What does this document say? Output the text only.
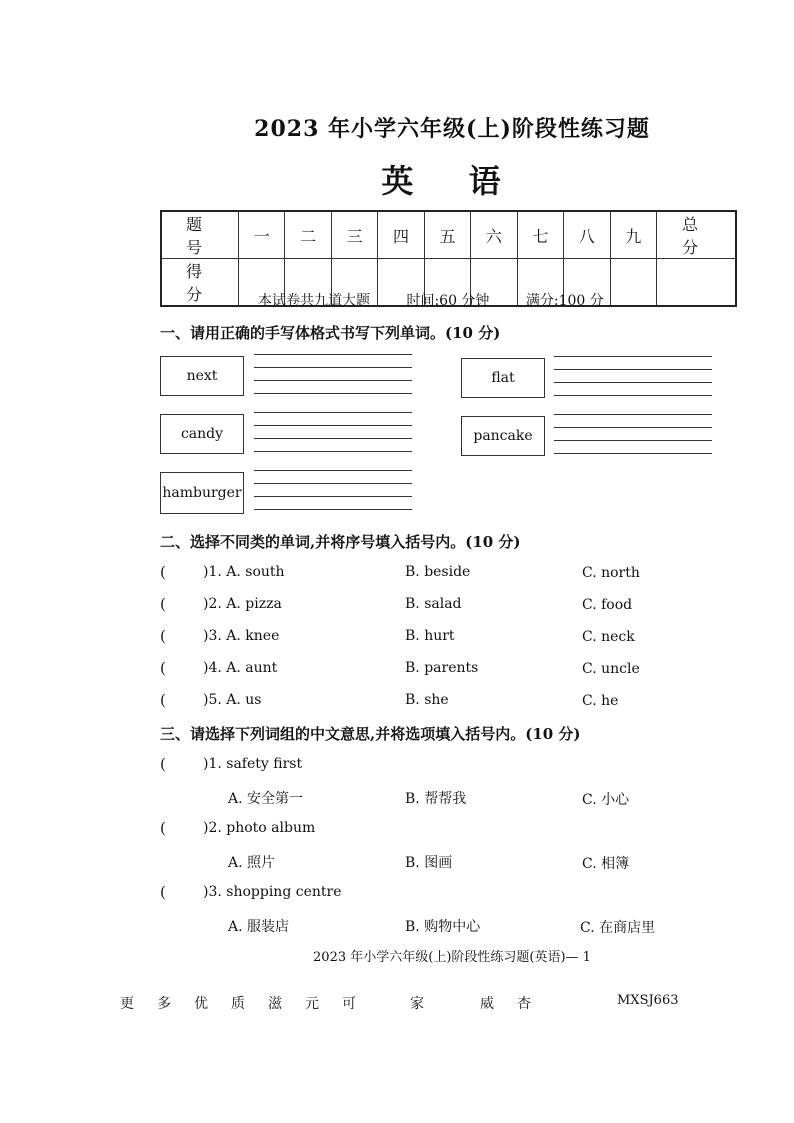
2023 年小学六年级(上)阶段性练习题
英 语
题 号	一	二	三	四	五	六	七	八	九	总 分
得 分											本试卷共九道大题	时间:60 分钟	满分:100 分
一、请用正确的手写体格式书写下列单词。(10 分)
next	flat
candy	pancake
hamburger
二、选择不同类的单词,并将序号填入括号内。(10 分)
(	)1. A. south	B. beside	C. north
(	)2. A. pizza	B. salad	C. food
(	)3. A. knee	B. hurt	C. neck
(	)4. A. aunt	B. parents	C. uncle
(	)5. A. us	B. she	C. he
三、请选择下列词组的中文意思,并将选项填入括号内。(10 分)
(	)1. safety first
A. 安全第一	B. 帮帮我	C. 小心
(	)2. photo album
A. 照片	B. 图画	C. 相簿
(	)3. shopping centre
A. 服装店	B. 购物中心	C. 在商店里
2023 年小学六年级(上)阶段性练习题(英语)— 1
更 多 优 质 滋 元 可	家	威 杏	MXSJ663
